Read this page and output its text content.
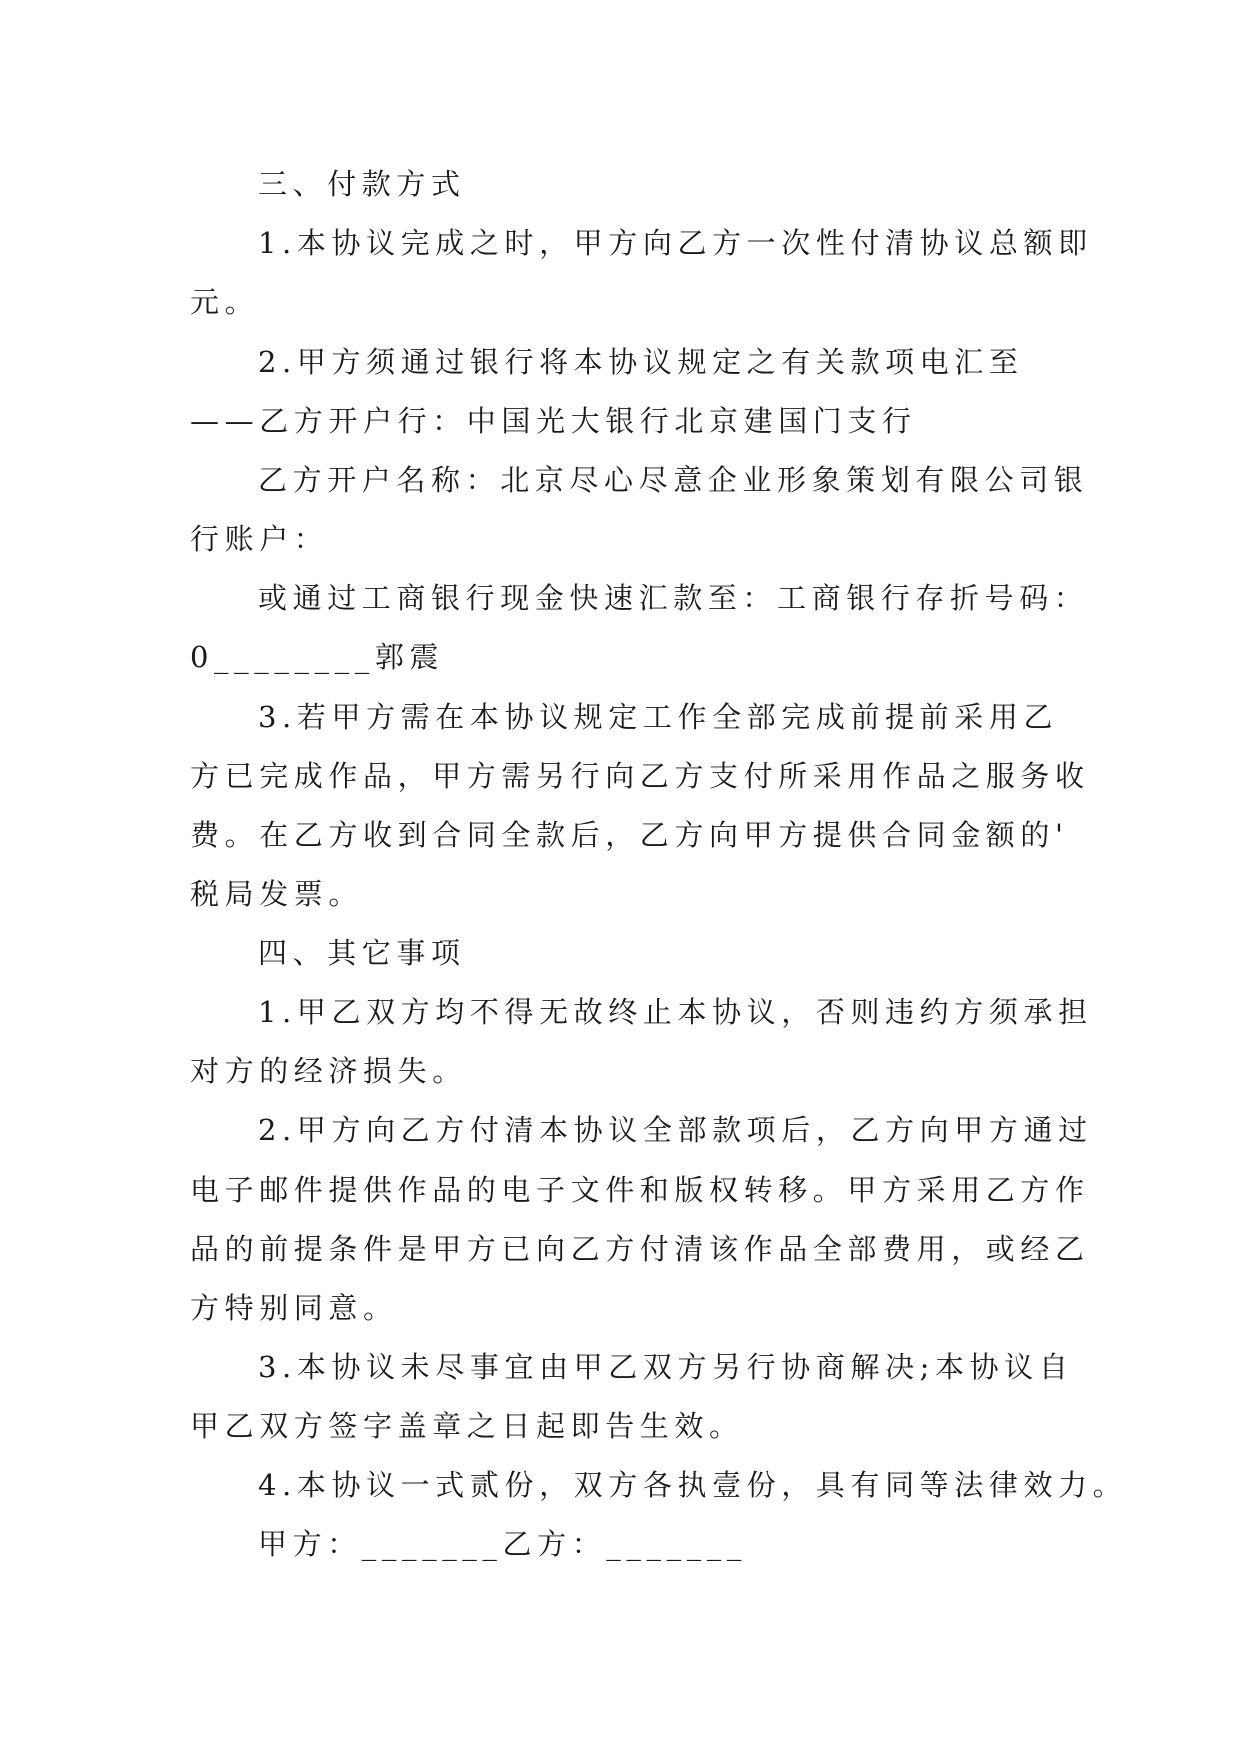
三、付款方式
1.本协议完成之时，甲方向乙方一次性付清协议总额即
元。
2.甲方须通过银行将本协议规定之有关款项电汇至
——乙方开户行：中国光大银行北京建国门支行
乙方开户名称：北京尽心尽意企业形象策划有限公司银
行账户：
或通过工商银行现金快速汇款至：工商银行存折号码：
0________郭震
3.若甲方需在本协议规定工作全部完成前提前采用乙
方已完成作品，甲方需另行向乙方支付所采用作品之服务收
费。在乙方收到合同全款后，乙方向甲方提供合同金额的'
税局发票。
四、其它事项
1.甲乙双方均不得无故终止本协议，否则违约方须承担
对方的经济损失。
2.甲方向乙方付清本协议全部款项后，乙方向甲方通过
电子邮件提供作品的电子文件和版权转移。甲方采用乙方作
品的前提条件是甲方已向乙方付清该作品全部费用，或经乙
方特别同意。
3.本协议未尽事宜由甲乙双方另行协商解决;本协议自
甲乙双方签字盖章之日起即告生效。
4.本协议一式贰份，双方各执壹份，具有同等法律效力。
甲方：_______乙方：_______
